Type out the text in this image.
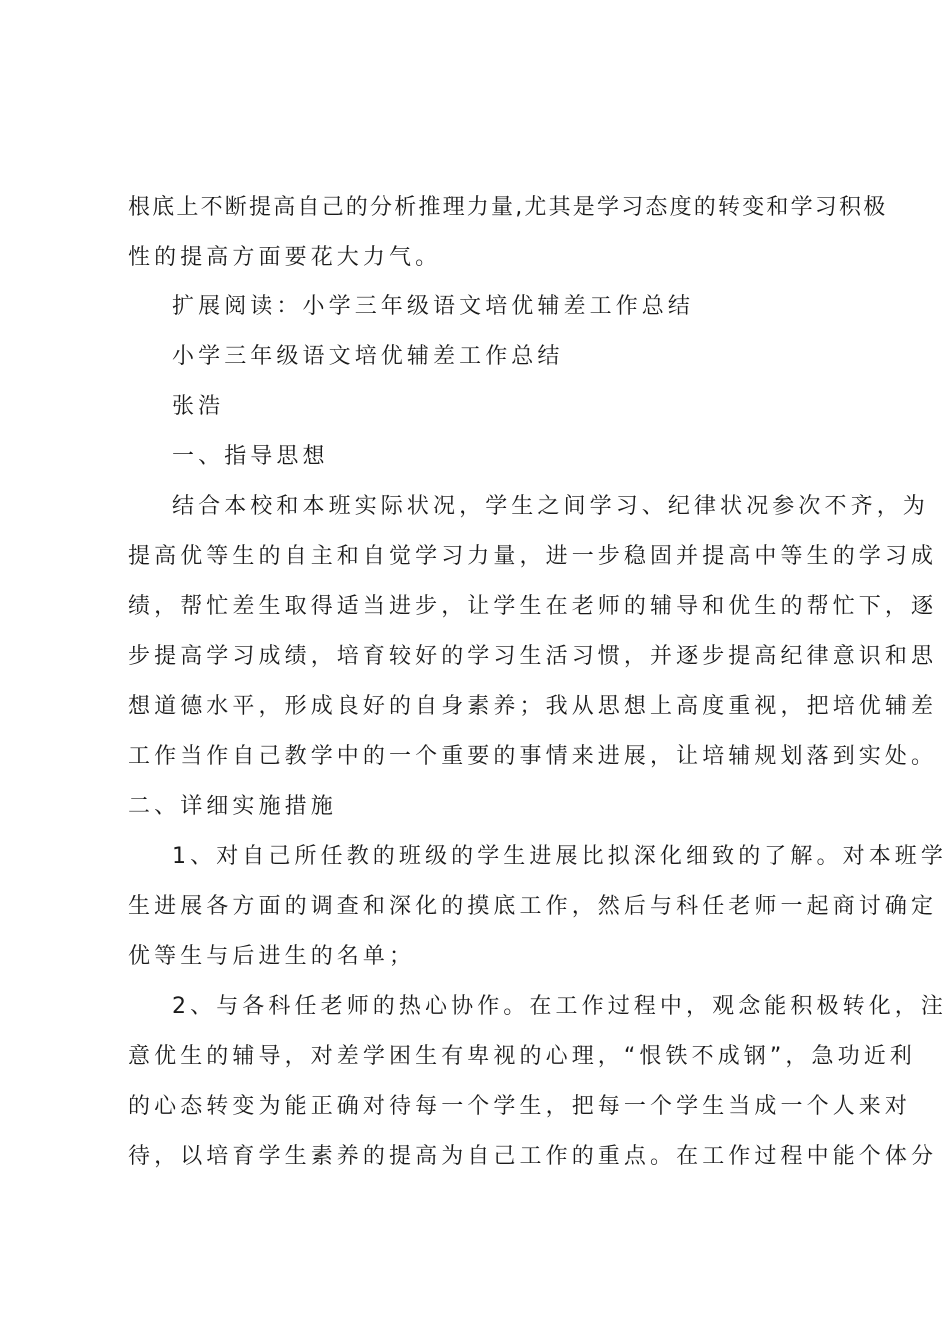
根底上不断提高自己的分析推理力量,尤其是学习态度的转变和学习积极
性的提高方面要花大力气。
扩展阅读：小学三年级语文培优辅差工作总结
小学三年级语文培优辅差工作总结
张浩
一、指导思想
结合本校和本班实际状况，学生之间学习、纪律状况参次不齐，为
提高优等生的自主和自觉学习力量，进一步稳固并提高中等生的学习成
绩，帮忙差生取得适当进步，让学生在老师的辅导和优生的帮忙下，逐
步提高学习成绩，培育较好的学习生活习惯，并逐步提高纪律意识和思
想道德水平，形成良好的自身素养；我从思想上高度重视，把培优辅差
工作当作自己教学中的一个重要的事情来进展，让培辅规划落到实处。
二、详细实施措施
1、对自己所任教的班级的学生进展比拟深化细致的了解。对本班学
生进展各方面的调查和深化的摸底工作，然后与科任老师一起商讨确定
优等生与后进生的名单；
2、与各科任老师的热心协作。在工作过程中，观念能积极转化，注
意优生的辅导，对差学困生有卑视的心理，“恨铁不成钢”，急功近利
的心态转变为能正确对待每一个学生，把每一个学生当成一个人来对
待，以培育学生素养的提高为自己工作的重点。在工作过程中能个体分
